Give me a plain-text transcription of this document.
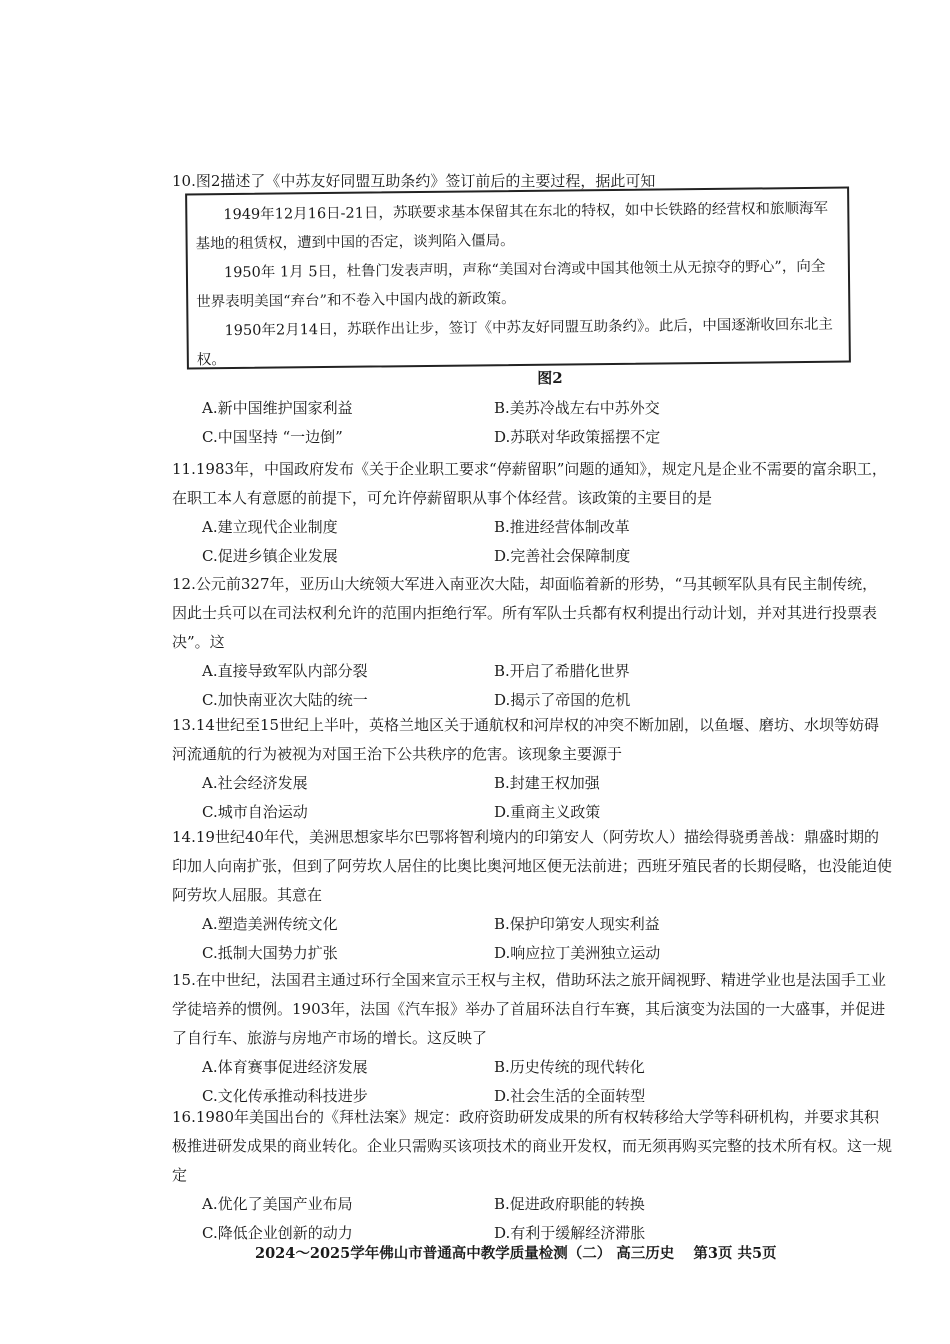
10.图2描述了《中苏友好同盟互助条约》签订前后的主要过程，据此可知

1949年12月16日-21日，苏联要求基本保留其在东北的特权，如中长铁路的经营权和旅顺海军基地的租赁权，遭到中国的否定，谈判陷入僵局。

1950年 1月 5日，杜鲁门发表声明，声称“美国对台湾或中国其他领土从无掠夺的野心”，向全世界表明美国“弃台”和不卷入中国内战的新政策。

1950年2月14日，苏联作出让步，签订《中苏友好同盟互助条约》。此后，中国逐渐收回东北主权。

图2
A.新中国维护国家利益	B.美苏冷战左右中苏外交
C.中国坚持 “一边倒”	D.苏联对华政策摇摆不定

11.1983年，中国政府发布《关于企业职工要求“停薪留职”问题的通知》，规定凡是企业不需要的富余职工，在职工本人有意愿的前提下，可允许停薪留职从事个体经营。该政策的主要目的是

A.建立现代企业制度	B.推进经营体制改革
C.促进乡镇企业发展	D.完善社会保障制度

12.公元前327年，亚历山大统领大军进入南亚次大陆，却面临着新的形势，“马其顿军队具有民主制传统，因此士兵可以在司法权利允许的范围内拒绝行军。所有军队士兵都有权利提出行动计划，并对其进行投票表决”。这

A.直接导致军队内部分裂	B.开启了希腊化世界
C.加快南亚次大陆的统一	D.揭示了帝国的危机

13.14世纪至15世纪上半叶，英格兰地区关于通航权和河岸权的冲突不断加剧，以鱼堰、磨坊、水坝等妨碍河流通航的行为被视为对国王治下公共秩序的危害。该现象主要源于

A.社会经济发展	B.封建王权加强
C.城市自治运动	D.重商主义政策

14.19世纪40年代，美洲思想家毕尔巴鄂将智利境内的印第安人（阿劳坎人）描绘得骁勇善战：鼎盛时期的印加人向南扩张，但到了阿劳坎人居住的比奥比奥河地区便无法前进；西班牙殖民者的长期侵略，也没能迫使阿劳坎人屈服。其意在

A.塑造美洲传统文化	B.保护印第安人现实利益
C.抵制大国势力扩张	D.响应拉丁美洲独立运动

15.在中世纪，法国君主通过环行全国来宣示王权与主权，借助环法之旅开阔视野、精进学业也是法国手工业学徒培养的惯例。1903年，法国《汽车报》举办了首届环法自行车赛，其后演变为法国的一大盛事，并促进了自行车、旅游与房地产市场的增长。这反映了

A.体育赛事促进经济发展	B.历史传统的现代转化
C.文化传承推动科技进步	D.社会生活的全面转型

16.1980年美国出台的《拜杜法案》规定：政府资助研发成果的所有权转移给大学等科研机构，并要求其积极推进研发成果的商业转化。企业只需购买该项技术的商业开发权，而无须再购买完整的技术所有权。这一规定

A.优化了美国产业布局	B.促进政府职能的转换
C.降低企业创新的动力	D.有利于缓解经济滞胀
2024～2025学年佛山市普通高中教学质量检测（二） 高三历史 第3页 共5页
